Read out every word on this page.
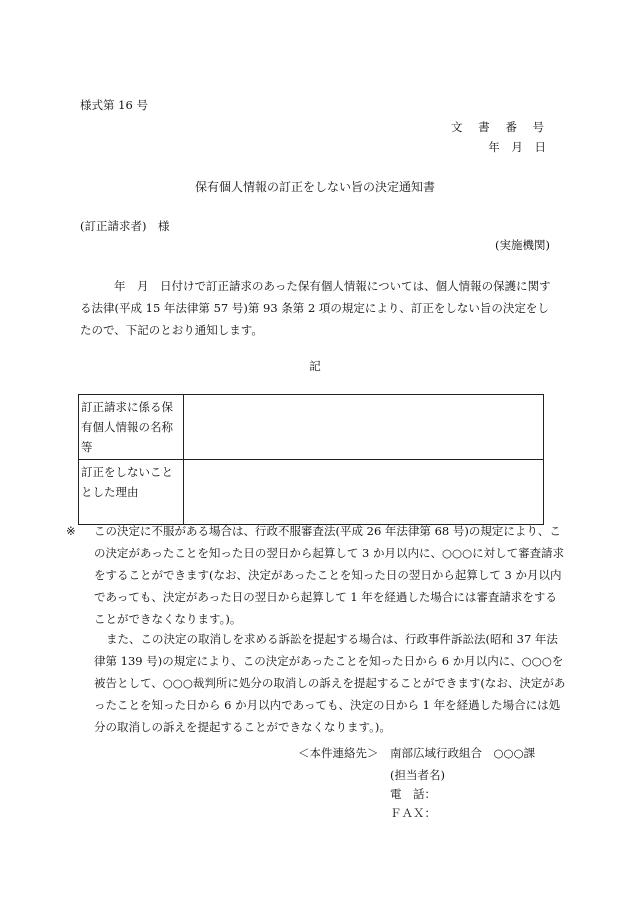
様式第 16 号
文 書 番 号
年 月 日
保有個人情報の訂正をしない旨の決定通知書
(訂正請求者)　様
(実施機関)
年　月　日付けで訂正請求のあった保有個人情報については、個人情報の保護に関する法律(平成 15 年法律第 57 号)第 93 条第 2 項の規定により、訂正をしない旨の決定をしたので、下記のとおり通知します。
記
訂正請求に係る保有個人情報の名称等	
訂正をしないこととした理由	
※ この決定に不服がある場合は、行政不服審査法(平成 26 年法律第 68 号)の規定により、この決定があったことを知った日の翌日から起算して 3 か月以内に、○○○に対して審査請求をすることができます(なお、決定があったことを知った日の翌日から起算して 3 か月以内であっても、決定があった日の翌日から起算して 1 年を経過した場合には審査請求をすることができなくなります。)。
また、この決定の取消しを求める訴訟を提起する場合は、行政事件訴訟法(昭和 37 年法律第 139 号)の規定により、この決定があったことを知った日から 6 か月以内に、○○○を被告として、○○○裁判所に処分の取消しの訴えを提起することができます(なお、決定があったことを知った日から 6 か月以内であっても、決定の日から 1 年を経過した場合には処分の取消しの訴えを提起することができなくなります。)。
＜本件連絡先＞　南部広域行政組合　○○○課
(担当者名)
電　話：
ＦＡＸ：
